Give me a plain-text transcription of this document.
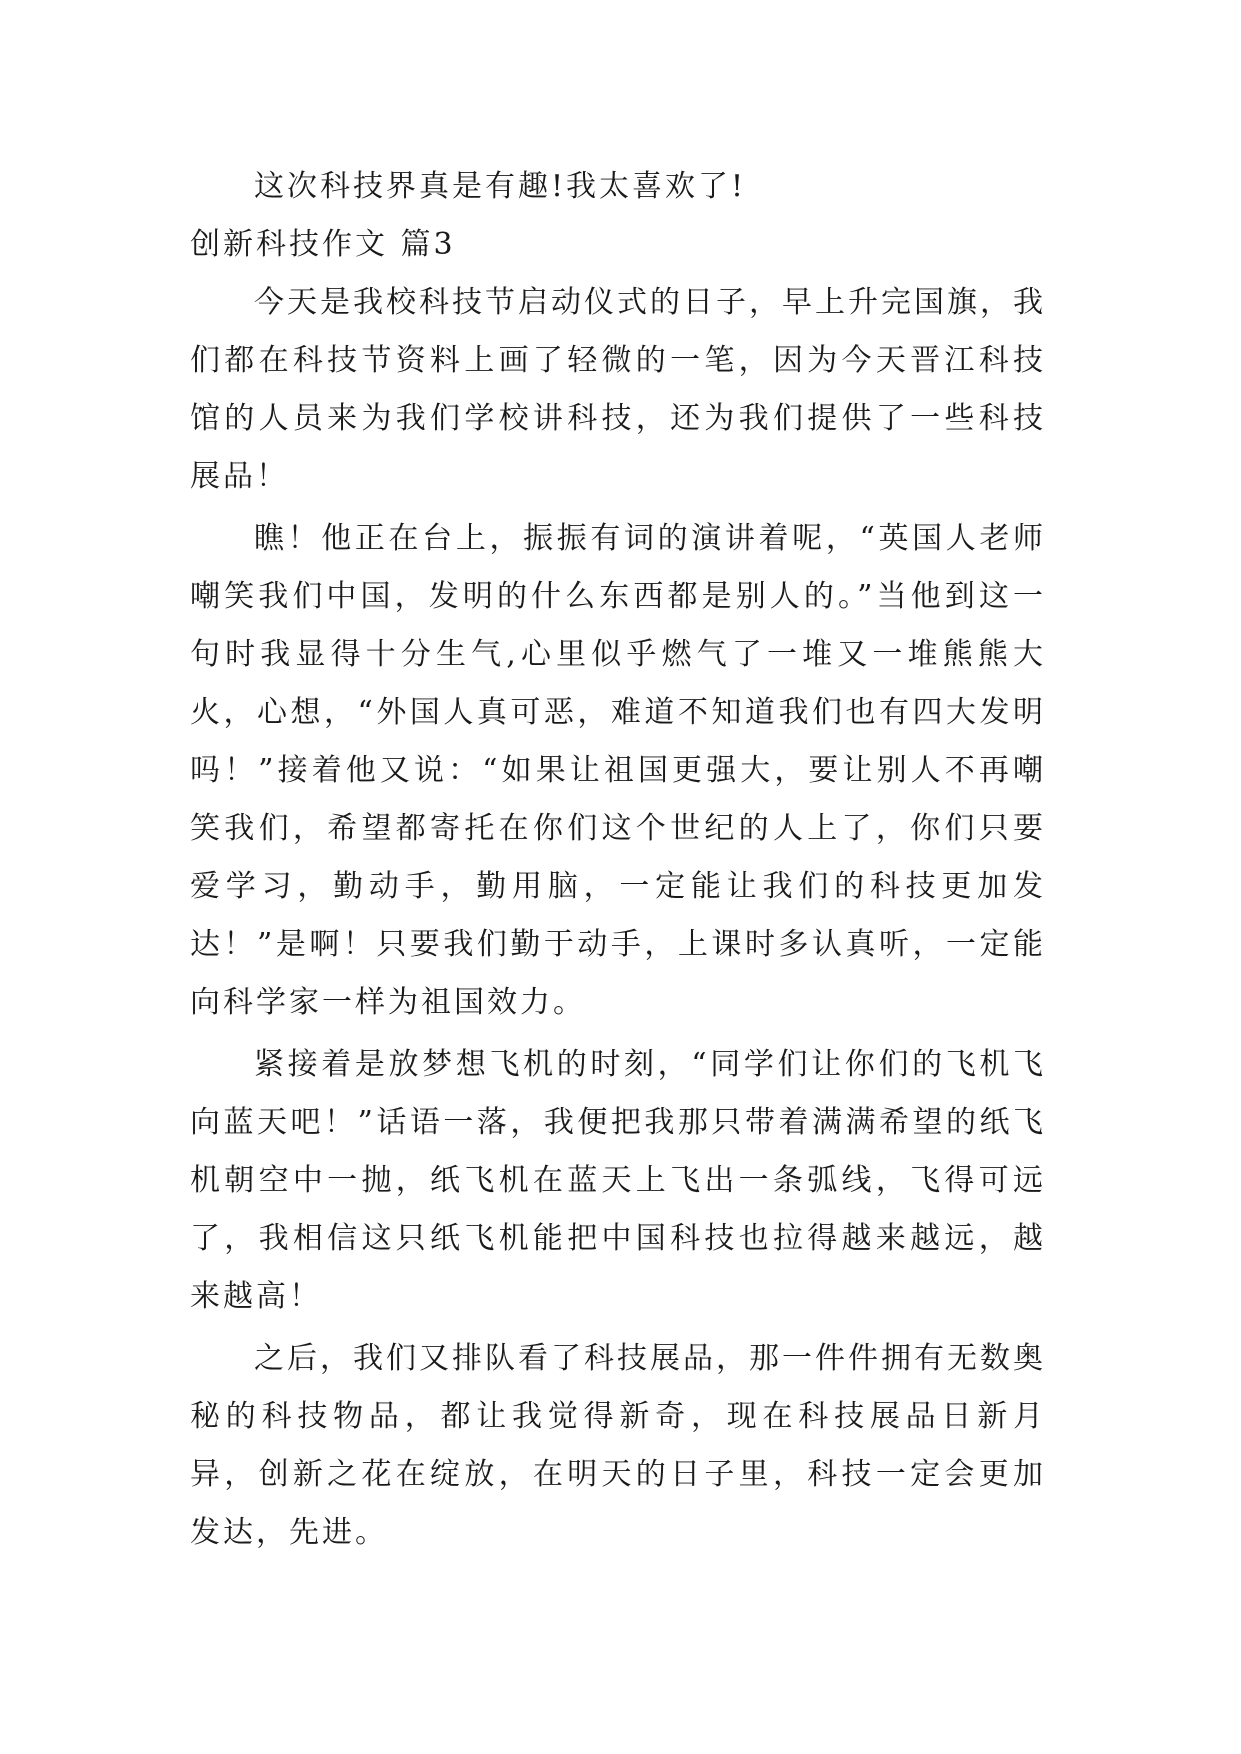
这次科技界真是有趣!我太喜欢了!

创新科技作文 篇3

今天是我校科技节启动仪式的日子，早上升完国旗，我们都在科技节资料上画了轻微的一笔，因为今天晋江科技馆的人员来为我们学校讲科技，还为我们提供了一些科技展品！

瞧！他正在台上，振振有词的演讲着呢，“英国人老师嘲笑我们中国，发明的什么东西都是别人的。”当他到这一句时我显得十分生气,心里似乎燃气了一堆又一堆熊熊大火，心想，“外国人真可恶，难道不知道我们也有四大发明吗！”接着他又说：“如果让祖国更强大，要让别人不再嘲笑我们，希望都寄托在你们这个世纪的人上了，你们只要爱学习，勤动手，勤用脑，一定能让我们的科技更加发达！”是啊！只要我们勤于动手，上课时多认真听，一定能向科学家一样为祖国效力。

紧接着是放梦想飞机的时刻，“同学们让你们的飞机飞向蓝天吧！”话语一落，我便把我那只带着满满希望的纸飞机朝空中一抛，纸飞机在蓝天上飞出一条弧线，飞得可远了，我相信这只纸飞机能把中国科技也拉得越来越远，越来越高！

之后，我们又排队看了科技展品，那一件件拥有无数奥秘的科技物品，都让我觉得新奇，现在科技展品日新月异，创新之花在绽放，在明天的日子里，科技一定会更加发达，先进。
